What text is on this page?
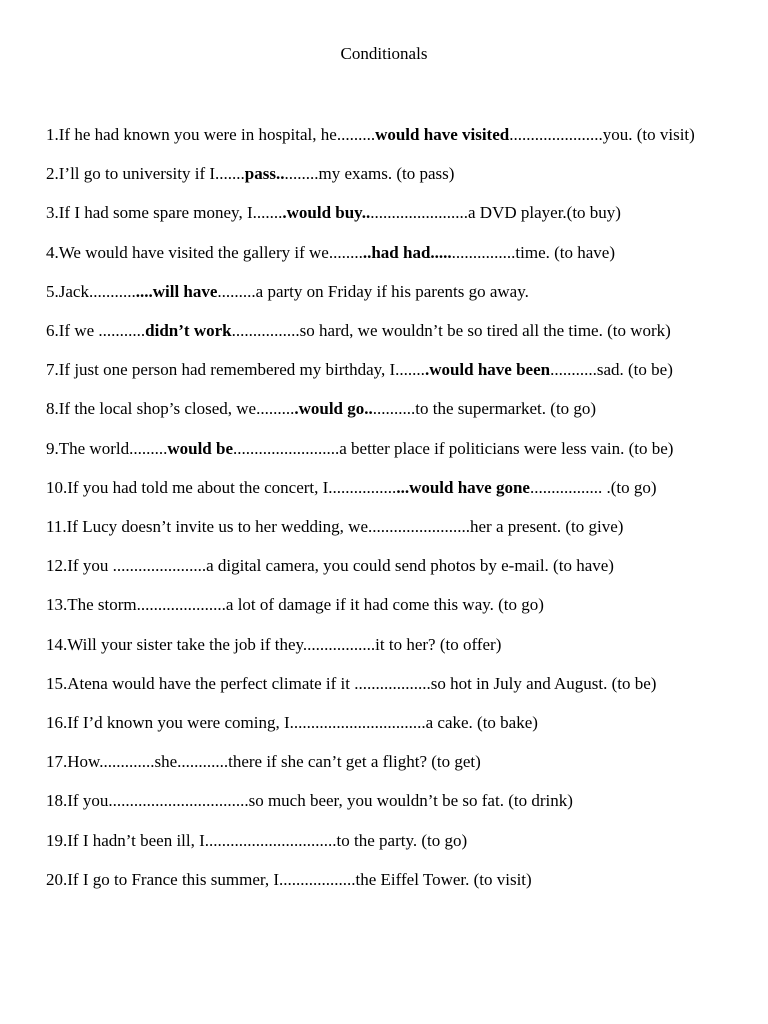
Conditionals
1.If he had known you were in hospital, he.........would have visited......................you. (to visit)
2.I’ll go to university if I.......pass..........my exams. (to pass)
3.If I had some spare money, I........would buy.........................a DVD player.(to buy)
4.We would have visited the gallery if we..........had had....................time. (to have)
5.Jack...............will have.........a party on Friday if his parents go away.
6.If we ...........didn’t work................so hard, we wouldn’t be so tired all the time. (to work)
7.If just one person had remembered my birthday, I........would have been...........sad. (to be)
8.If the local shop’s closed, we..........would go............to the supermarket. (to go)
9.The world.........would be.........................a better place if politicians were less vain. (to be)
10.If you had told me about the concert, I...................would have gone................. .(to go)
11.If Lucy doesn’t invite us to her wedding, we........................her a present. (to give)
12.If you ......................a digital camera, you could send photos by e-mail. (to have)
13.The storm.....................a lot of damage if it had come this way. (to go)
14.Will your sister take the job if they.................it to her? (to offer)
15.Atena would have the perfect climate if it ..................so hot in July and August. (to be)
16.If I’d known you were coming, I................................a cake. (to bake)
17.How.............she............there if she can’t get a flight? (to get)
18.If you.................................so much beer, you wouldn’t be so fat. (to drink)
19.If I hadn’t been ill, I...............................to the party. (to go)
20.If I go to France this summer, I..................the Eiffel Tower. (to visit)
